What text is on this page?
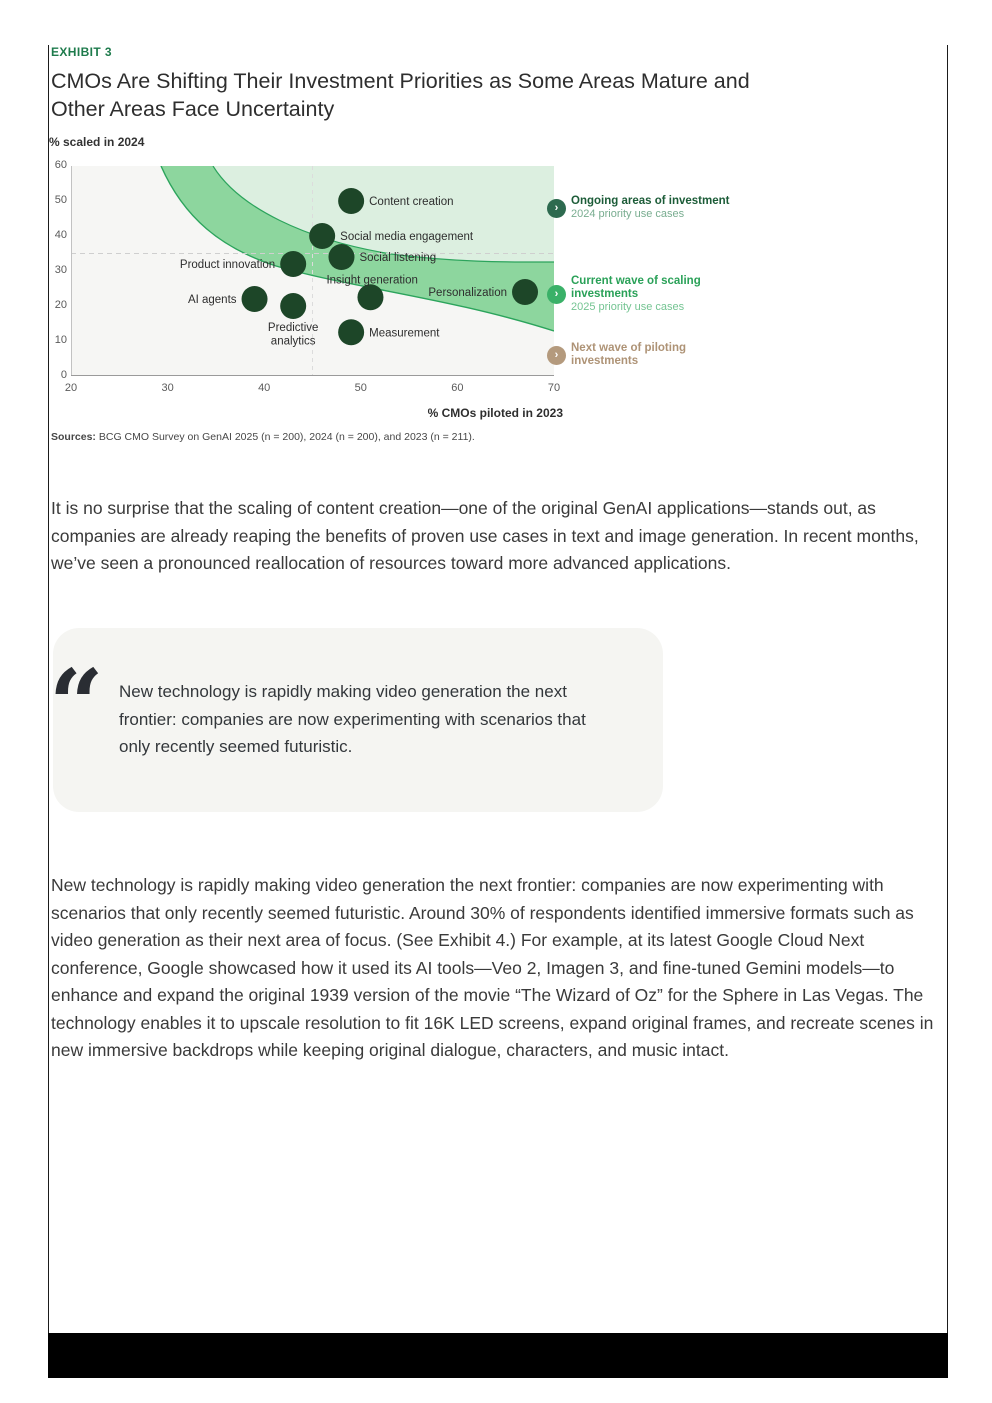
EXHIBIT 3
CMOs Are Shifting Their Investment Priorities as Some Areas Mature and Other Areas Face Uncertainty
% scaled in 2024
Content creation
Social media engagement
Social listening
Product innovation
Insight generation
Personalization
AI agents
Predictive
analytics
Measurement
0
10
20
30
40
50
60
20	30	40	50	60	70
% CMOs piloted in 2023
›
Ongoing areas of investment
2024 priority use cases
›
Current wave of scaling investments
2025 priority use cases
›
Next wave of piloting investments
Sources: BCG CMO Survey on GenAI 2025 (n = 200), 2024 (n = 200), and 2023 (n = 211).
It is no surprise that the scaling of content creation—one of the original GenAI applications—stands out, as companies are already reaping the benefits of proven use cases in text and image generation. In recent months, we’ve seen a pronounced reallocation of resources toward more advanced applications.
“ New technology is rapidly making video generation the next frontier: companies are now experimenting with scenarios that only recently seemed futuristic.
New technology is rapidly making video generation the next frontier: companies are now experimenting with scenarios that only recently seemed futuristic. Around 30% of respondents identified immersive formats such as video generation as their next area of focus. (See Exhibit 4.) For example, at its latest Google Cloud Next conference, Google showcased how it used its AI tools—Veo 2, Imagen 3, and fine-tuned Gemini models—to enhance and expand the original 1939 version of the movie “The Wizard of Oz” for the Sphere in Las Vegas. The technology enables it to upscale resolution to fit 16K LED screens, expand original frames, and recreate scenes in new immersive backdrops while keeping original dialogue, characters, and music intact.
